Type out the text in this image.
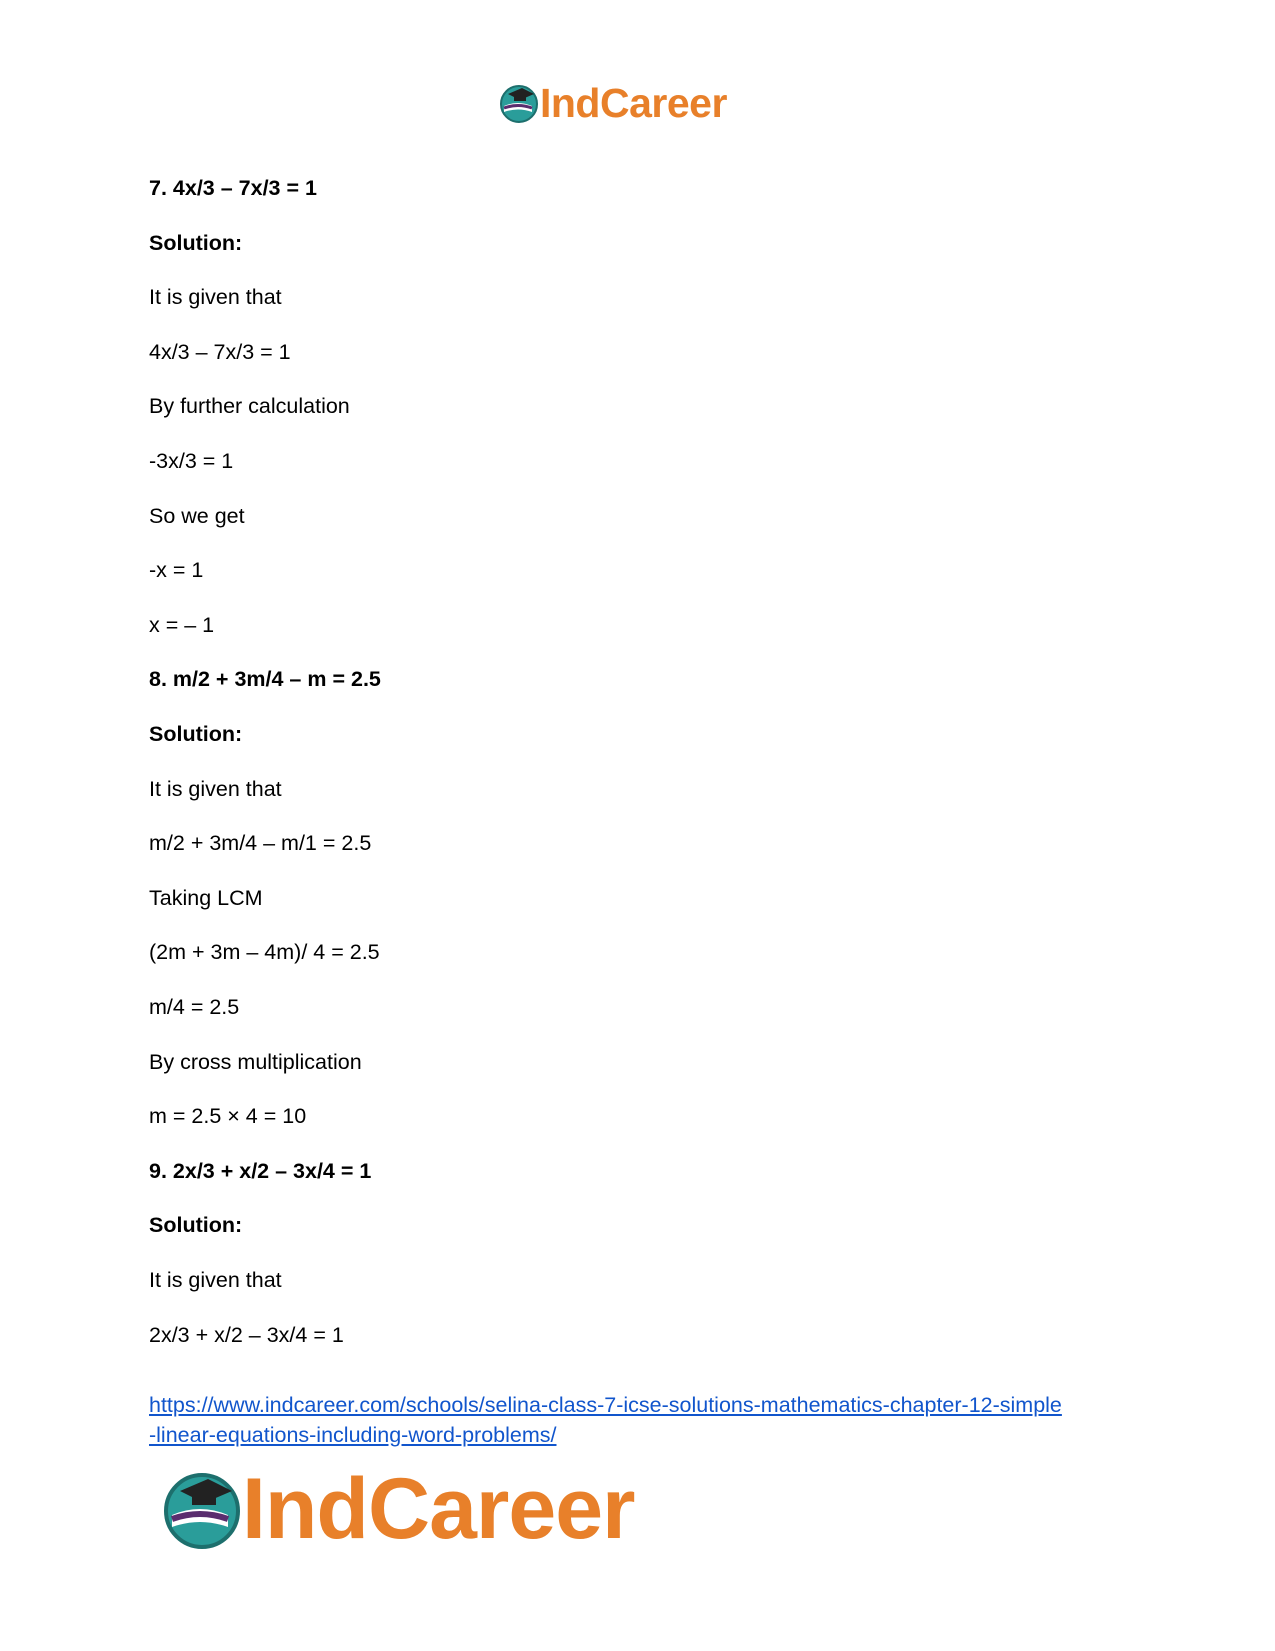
IndCareer
7. 4x/3 – 7x/3 = 1
Solution:
It is given that
4x/3 – 7x/3 = 1
By further calculation
-3x/3 = 1
So we get
-x = 1
x = – 1
8. m/2 + 3m/4 – m = 2.5
Solution:
It is given that
m/2 + 3m/4 – m/1 = 2.5
Taking LCM
(2m + 3m – 4m)/ 4 = 2.5
m/4 = 2.5
By cross multiplication
m = 2.5 × 4 = 10
9. 2x/3 + x/2 – 3x/4 = 1
Solution:
It is given that
2x/3 + x/2 – 3x/4 = 1
https://www.indcareer.com/schools/selina-class-7-icse-solutions-mathematics-chapter-12-simple
-linear-equations-including-word-problems/
IndCareer
